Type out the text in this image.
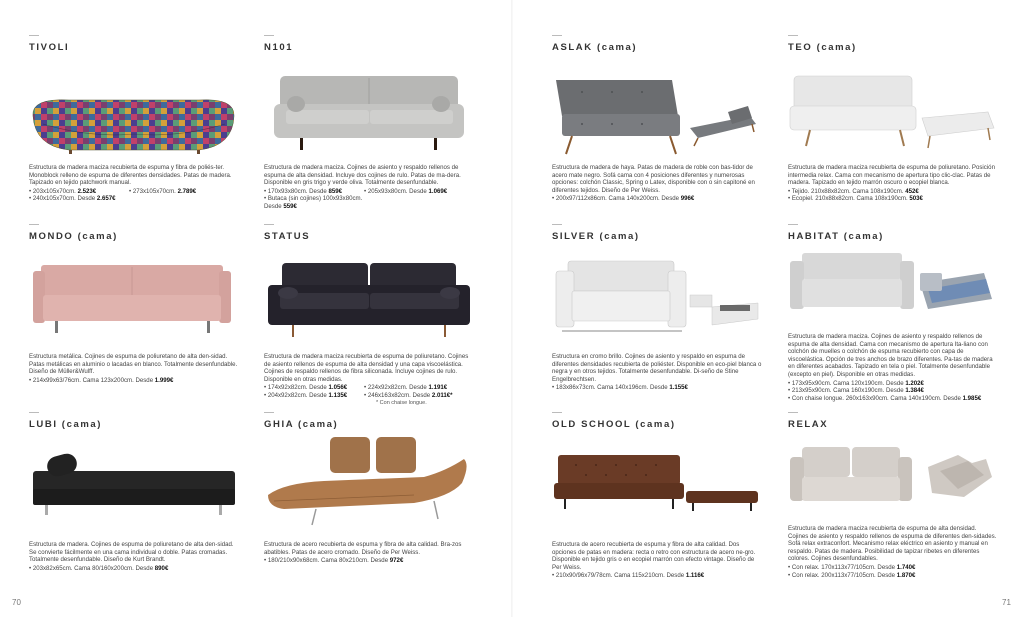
70	71
TIVOLI
Estructura de madera maciza recubierta de espuma y fibra de poliés-ter. Monoblock relleno de espuma de diferentes densidades. Patas de madera. Tapizado en tejido patchwork manual.
• 203x105x70cm. 2.523€	• 273x105x70cm. 2.789€ • 240x105x70cm. Desde 2.657€
N101
Estructura de madera maciza. Cojines de asiento y respaldo rellenos de espuma de alta densidad. Incluye dos cojines de rulo. Patas de ma-dera. Disponible en gris trigo y verde oliva. Totalmente desenfundable.
• 170x93x80cm. Desde 859€	• 205x93x80cm. Desde 1.069€ • Butaca (sin cojines) 100x93x80cm. Desde 559€
ASLAK (cama)
Estructura de madera de haya. Patas de madera de roble con bas-tidor de acero mate negro. Sofá cama con 4 posiciones diferentes y numerosas opciones: colchón Classic, Spring o Latex, disponible con o sin capitoné en diferentes tejidos. Diseño de Per Weiss.
• 200x97/112x86cm. Cama 140x200cm. Desde 996€
TEO (cama)
Estructura de madera maciza recubierta de espuma de poliuretano. Posición intermedia relax. Cama con mecanismo de apertura tipo clic-clac. Patas de madera. Tapizado en tejido marrón oscuro o ecopiel blanca.
• Tejido. 210x88x82cm. Cama 108x190cm. 452€
• Ecopiel. 210x88x82cm. Cama 108x190cm. 503€
MONDO (cama)
Estructura metálica. Cojines de espuma de poliuretano de alta den-sidad. Patas metálicas en aluminio o lacadas en blanco. Totalmente desenfundable. Diseño de Müller&Wulff.
• 214x99x63/76cm. Cama 123x200cm. Desde 1.999€
STATUS
Estructura de madera maciza recubierta de espuma de poliuretano. Cojines de asiento rellenos de espuma de alta densidad y una capa viscoelástica. Cojines de respaldo rellenos de fibra siliconada. Incluye cojines de rulo. Disponible en otras medidas.
• 174x92x82cm. Desde 1.056€	• 224x92x82cm. Desde 1.191€ • 204x92x82cm. Desde 1.135€	• 246x163x82cm. Desde 2.011€*
* Con chaise longue.
SILVER (cama)
Estructura en cromo brillo. Cojines de asiento y respaldo en espuma de diferentes densidades recubierta de poliéster. Disponible en eco-piel blanca o negra y en otros tejidos. Totalmente desenfundable. Di-seño de Stine Engelbrechtsen.
• 183x86x73cm. Cama 140x196cm. Desde 1.155€
HABITAT (cama)
Estructura de madera maciza. Cojines de asiento y respaldo rellenos de espuma de alta densidad. Cama con mecanismo de apertura Ita-liano con colchón de muelles o colchón de espuma recubierto con capa de viscoelástica. Opción de tres anchos de brazo diferentes. Pa-tas de madera en diferentes acabados. Tapizado en tela o piel. Totalmente desenfundable (excepto en piel). Disponible en otras medidas.
• 173x95x90cm. Cama 120x190cm. Desde 1.202€
• 213x95x90cm. Cama 160x190cm. Desde 1.384€
• Con chaise longue. 260x163x90cm. Cama 140x190cm. Desde 1.985€
LUBI (cama)
Estructura de madera. Cojines de espuma de poliuretano de alta den-sidad. Se convierte fácilmente en una cama individual o doble. Patas cromadas. Totalmente desenfundable. Diseño de Kurt Brandt.
• 203x82x65cm. Cama 80/160x200cm. Desde 890€
GHIA (cama)
Estructura de acero recubierta de espuma y fibra de alta calidad. Bra-zos abatibles. Patas de acero cromado. Diseño de Per Weiss.
• 180/210x90x68cm. Cama 80x210cm. Desde 972€
OLD SCHOOL (cama)
Estructura de acero recubierta de espuma y fibra de alta calidad. Dos opciones de patas en madera: recta o retro con estructura de acero ne-gro. Disponible en tejido gris o en ecopiel marrón con efecto vintage. Diseño de Per Weiss.
• 210x90/96x79/78cm. Cama 115x210cm. Desde 1.116€
RELAX
Estructura de madera maciza recubierta de espuma de alta densidad. Cojines de asiento y respaldo rellenos de espuma de diferentes den-sidades. Sofá relax extraconfort. Mecanismo relax eléctrico en asiento y manual en respaldo. Patas de madera. Posibilidad de tapizar ribetes en diferentes colores. Cojines desenfundables.
• Con relax. 170x113x77/105cm. Desde 1.740€
• Con relax. 200x113x77/105cm. Desde 1.870€
